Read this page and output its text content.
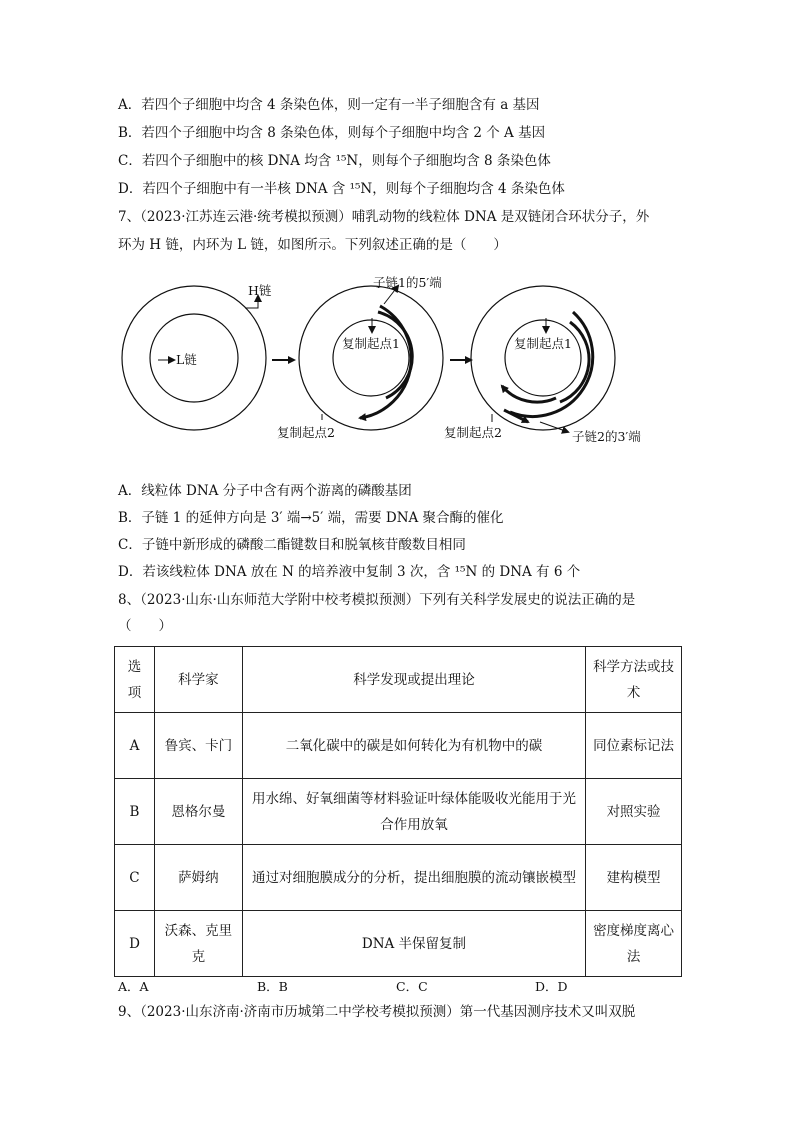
A．若四个子细胞中均含 4 条染色体，则一定有一半子细胞含有 a 基因
B．若四个子细胞中均含 8 条染色体，则每个子细胞中均含 2 个 A 基因
C．若四个子细胞中的核 DNA 均含 ¹⁵N，则每个子细胞均含 8 条染色体
D．若四个子细胞中有一半核 DNA 含 ¹⁵N，则每个子细胞均含 4 条染色体
7、（2023·江苏连云港·统考模拟预测）哺乳动物的线粒体 DNA 是双链闭合环状分子，外
环为 H 链，内环为 L 链，如图所示。下列叙述正确的是（　　）
H链
L链
复制起点1
子链1的5′端
复制起点2
复制起点1
复制起点2	子链2的3′端
A．线粒体 DNA 分子中含有两个游离的磷酸基团
B．子链 1 的延伸方向是 3′ 端→5′ 端，需要 DNA 聚合酶的催化
C．子链中新形成的磷酸二酯键数目和脱氧核苷酸数目相同
D．若该线粒体 DNA 放在 N 的培养液中复制 3 次，含 ¹⁵N 的 DNA 有 6 个
8、（2023·山东·山东师范大学附中校考模拟预测）下列有关科学发展史的说法正确的是
（　　）
选项	科学家	科学发现或提出理论	科学方法或技术
A	鲁宾、卡门	二氧化碳中的碳是如何转化为有机物中的碳	同位素标记法
B	恩格尔曼	用水绵、好氧细菌等材料验证叶绿体能吸收光能用于光合作用放氧	对照实验
C	萨姆纳	通过对细胞膜成分的分析，提出细胞膜的流动镶嵌模型	建构模型
D	沃森、克里克	DNA 半保留复制	密度梯度离心法
A．A	B．B	C．C	D．D
9、（2023·山东济南·济南市历城第二中学校考模拟预测）第一代基因测序技术又叫双脱
